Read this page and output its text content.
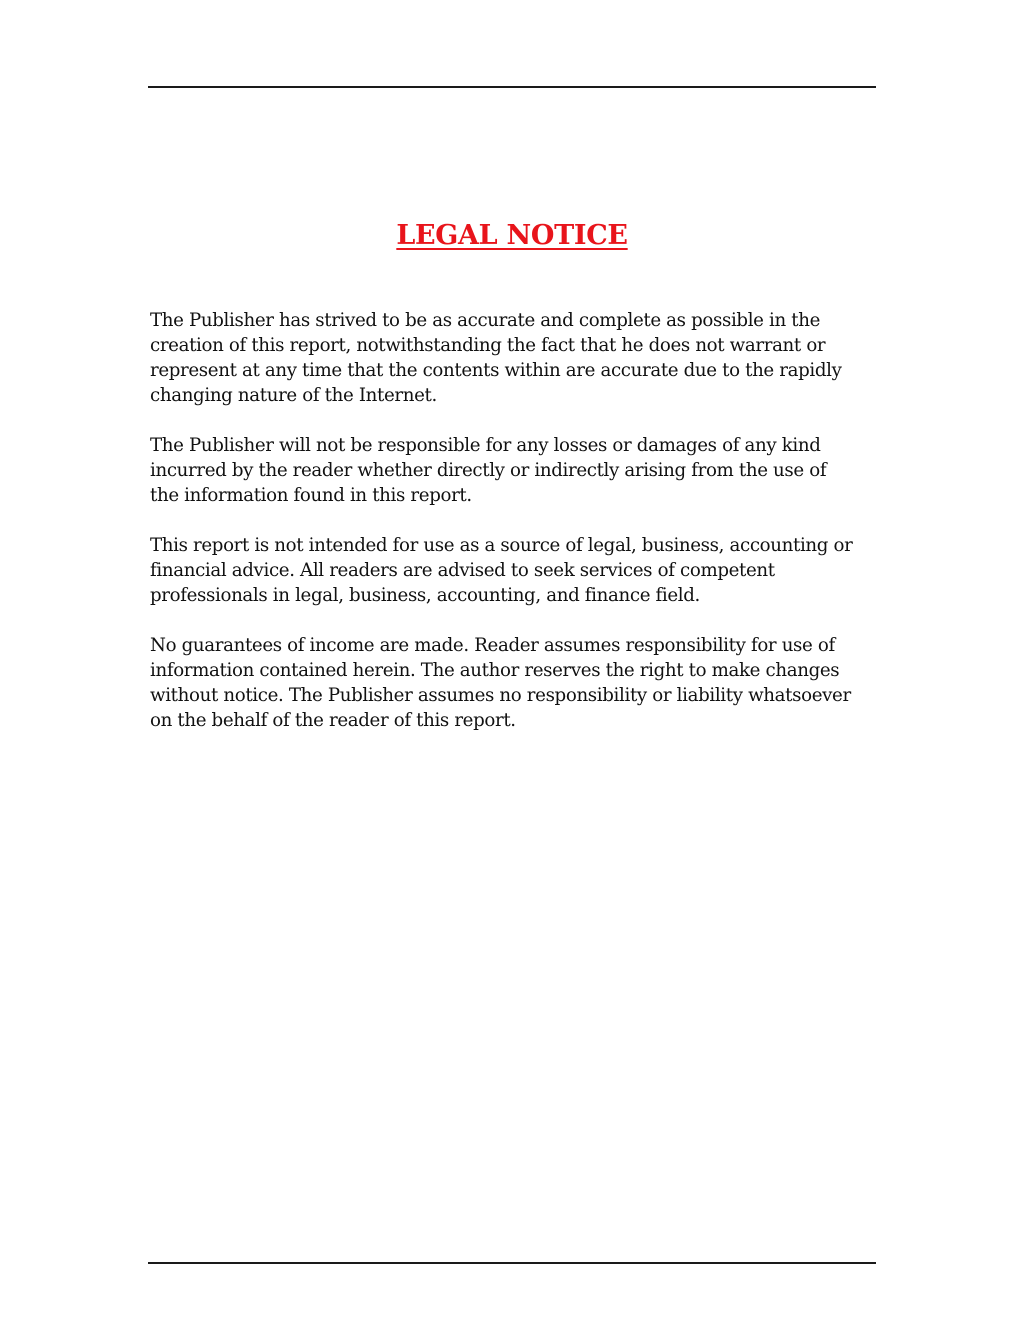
LEGAL NOTICE

The Publisher has strived to be as accurate and complete as possible in the creation of this report, notwithstanding the fact that he does not warrant or represent at any time that the contents within are accurate due to the rapidly changing nature of the Internet.

The Publisher will not be responsible for any losses or damages of any kind incurred by the reader whether directly or indirectly arising from the use of the information found in this report.

This report is not intended for use as a source of legal, business, accounting or financial advice. All readers are advised to seek services of competent professionals in legal, business, accounting, and finance field.

No guarantees of income are made. Reader assumes responsibility for use of information contained herein. The author reserves the right to make changes without notice. The Publisher assumes no responsibility or liability whatsoever on the behalf of the reader of this report.
